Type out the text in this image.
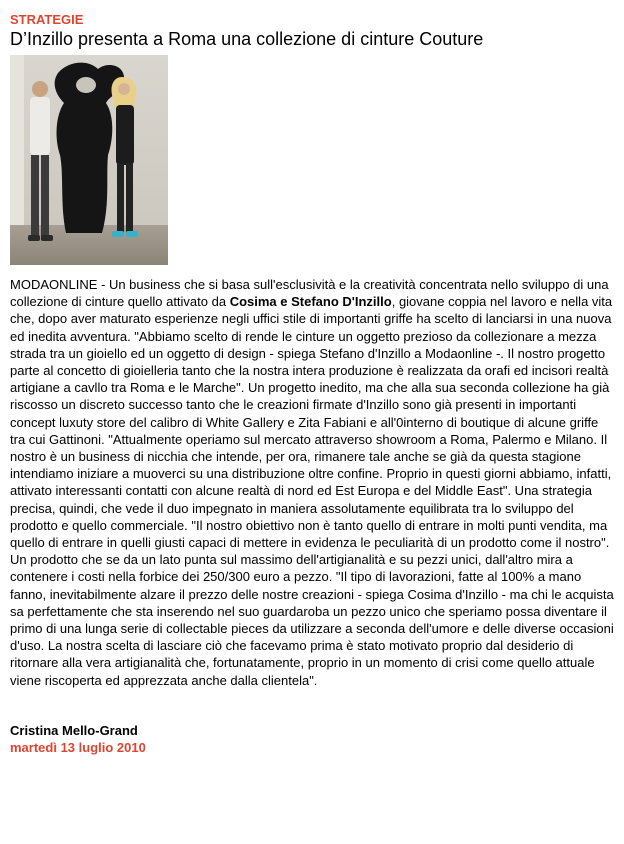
STRATEGIE
D’Inzillo presenta a Roma una collezione di cinture Couture
MODAONLINE - Un business che si basa sull'esclusività e la creatività concentrata nello sviluppo di una collezione di cinture quello attivato da Cosima e Stefano D'Inzillo, giovane coppia nel lavoro e nella vita che, dopo aver maturato esperienze negli uffici stile di importanti griffe ha scelto di lanciarsi in una nuova ed inedita avventura. "Abbiamo scelto di rende le cinture un oggetto prezioso da collezionare a mezza strada tra un gioiello ed un oggetto di design - spiega Stefano d'Inzillo a Modaonline -. Il nostro progetto parte al concetto di gioielleria tanto che la nostra intera produzione è realizzata da orafi ed incisori realtà artigiane a cavllo tra Roma e le Marche". Un progetto inedito, ma che alla sua seconda collezione ha già riscosso un discreto successo tanto che le creazioni firmate d'Inzillo sono già presenti in importanti concept luxuty store del calibro di White Gallery e Zita Fabiani e all'0interno di boutique di alcune griffe tra cui Gattinoni. "Attualmente operiamo sul mercato attraverso showroom a Roma, Palermo e Milano. Il nostro è un business di nicchia che intende, per ora, rimanere tale anche se già da questa stagione intendiamo iniziare a muoverci su una distribuzione oltre confine. Proprio in questi giorni abbiamo, infatti, attivato interessanti contatti con alcune realtà di nord ed Est Europa e del Middle East". Una strategia precisa, quindi, che vede il duo impegnato in maniera assolutamente equilibrata tra lo sviluppo del prodotto e quello commerciale. "Il nostro obiettivo non è tanto quello di entrare in molti punti vendita, ma quello di entrare in quelli giusti capaci di mettere in evidenza le peculiarità di un prodotto come il nostro". Un prodotto che se da un lato punta sul massimo dell'artigianalità e su pezzi unici, dall'altro mira a contenere i costi nella forbice dei 250/300 euro a pezzo. "Il tipo di lavorazioni, fatte al 100% a mano fanno, inevitabilmente alzare il prezzo delle nostre creazioni - spiega Cosima d'Inzillo - ma chi le acquista sa perfettamente che sta inserendo nel suo guardaroba un pezzo unico che speriamo possa diventare il primo di una lunga serie di collectable pieces da utilizzare a seconda dell'umore e delle diverse occasioni d'uso. La nostra scelta di lasciare ciò che facevamo prima è stato motivato proprio dal desiderio di ritornare alla vera artigianalità che, fortunatamente, proprio in un momento di crisi come quello attuale viene riscoperta ed apprezzata anche dalla clientela".
Cristina Mello-Grand
martedì 13 luglio 2010
